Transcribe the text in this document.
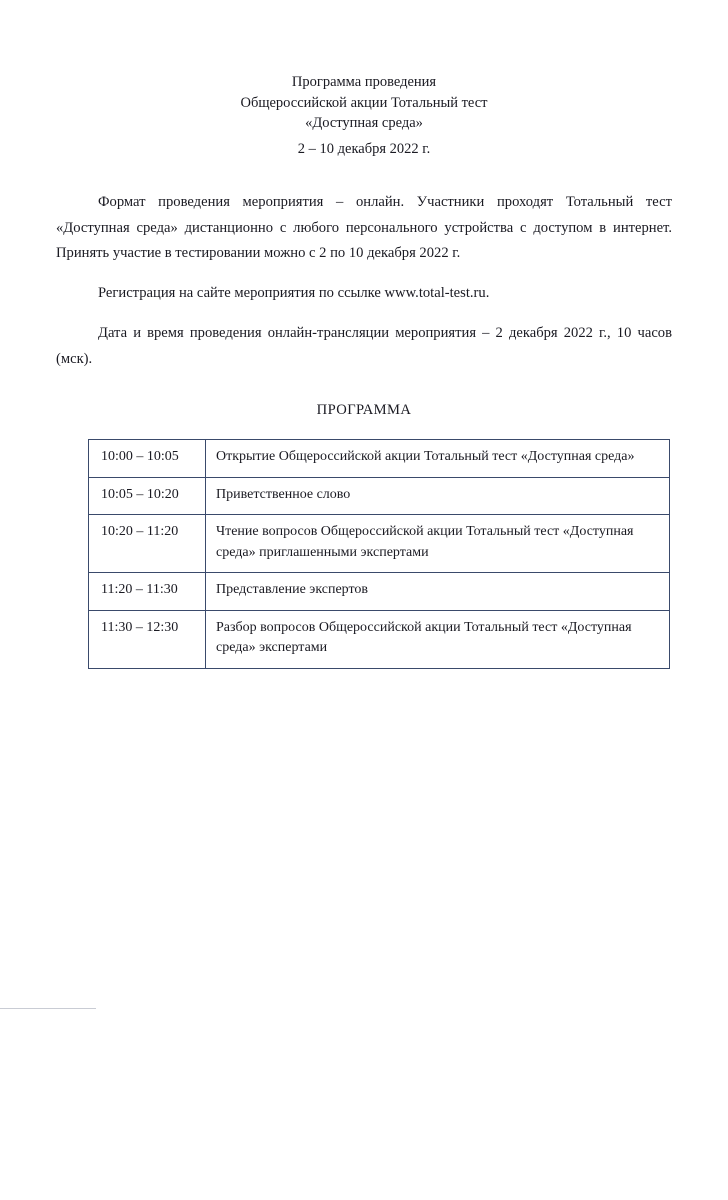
Программа проведения
Общероссийской акции Тотальный тест
«Доступная среда»
2 – 10 декабря 2022 г.

Формат проведения мероприятия – онлайн. Участники проходят Тотальный тест «Доступная среда» дистанционно с любого персонального устройства с доступом в интернет. Принять участие в тестировании можно с 2 по 10 декабря 2022 г.

Регистрация на сайте мероприятия по ссылке www.total-test.ru.

Дата и время проведения онлайн-трансляции мероприятия – 2 декабря 2022 г., 10 часов (мск).

ПРОГРАММА
10:00 – 10:05	Открытие Общероссийской акции Тотальный тест «Доступная среда»
10:05 – 10:20	Приветственное слово
10:20 – 11:20	Чтение вопросов Общероссийской акции Тотальный тест «Доступная среда» приглашенными экспертами
11:20 – 11:30	Представление экспертов
11:30 – 12:30	Разбор вопросов Общероссийской акции Тотальный тест «Доступная среда» экспертами
